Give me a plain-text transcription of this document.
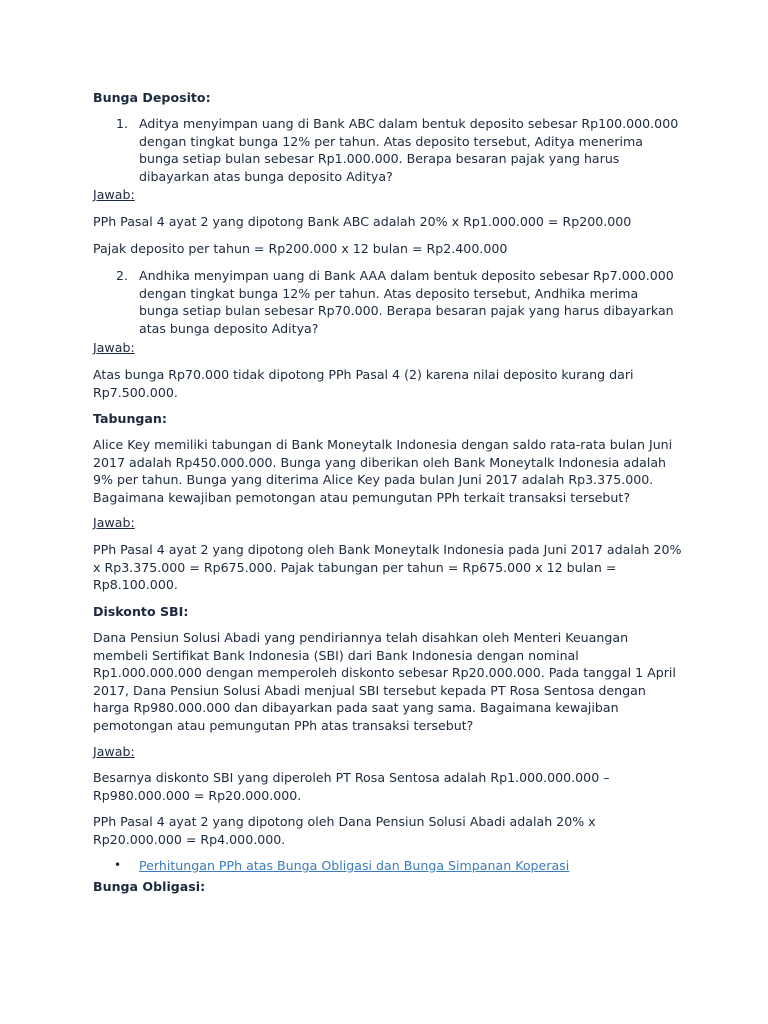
Bunga Deposito:

1. Aditya menyimpan uang di Bank ABC dalam bentuk deposito sebesar Rp100.000.000 dengan tingkat bunga 12% per tahun. Atas deposito tersebut, Aditya menerima bunga setiap bulan sebesar Rp1.000.000. Berapa besaran pajak yang harus dibayarkan atas bunga deposito Aditya?

Jawab:

PPh Pasal 4 ayat 2 yang dipotong Bank ABC adalah 20% x Rp1.000.000 = Rp200.000

Pajak deposito per tahun = Rp200.000 x 12 bulan = Rp2.400.000

2. Andhika menyimpan uang di Bank AAA dalam bentuk deposito sebesar Rp7.000.000 dengan tingkat bunga 12% per tahun. Atas deposito tersebut, Andhika merima bunga setiap bulan sebesar Rp70.000. Berapa besaran pajak yang harus dibayarkan atas bunga deposito Aditya?

Jawab:

Atas bunga Rp70.000 tidak dipotong PPh Pasal 4 (2) karena nilai deposito kurang dari Rp7.500.000.

Tabungan:

Alice Key memiliki tabungan di Bank Moneytalk Indonesia dengan saldo rata-rata bulan Juni 2017 adalah Rp450.000.000. Bunga yang diberikan oleh Bank Moneytalk Indonesia adalah 9% per tahun. Bunga yang diterima Alice Key pada bulan Juni 2017 adalah Rp3.375.000. Bagaimana kewajiban pemotongan atau pemungutan PPh terkait transaksi tersebut?

Jawab:

PPh Pasal 4 ayat 2 yang dipotong oleh Bank Moneytalk Indonesia pada Juni 2017 adalah 20% x Rp3.375.000 = Rp675.000. Pajak tabungan per tahun = Rp675.000 x 12 bulan = Rp8.100.000.

Diskonto SBI:

Dana Pensiun Solusi Abadi yang pendiriannya telah disahkan oleh Menteri Keuangan membeli Sertifikat Bank Indonesia (SBI) dari Bank Indonesia dengan nominal Rp1.000.000.000 dengan memperoleh diskonto sebesar Rp20.000.000. Pada tanggal 1 April 2017, Dana Pensiun Solusi Abadi menjual SBI tersebut kepada PT Rosa Sentosa dengan harga Rp980.000.000 dan dibayarkan pada saat yang sama. Bagaimana kewajiban pemotongan atau pemungutan PPh atas transaksi tersebut?

Jawab:

Besarnya diskonto SBI yang diperoleh PT Rosa Sentosa adalah Rp1.000.000.000 – Rp980.000.000 = Rp20.000.000.

PPh Pasal 4 ayat 2 yang dipotong oleh Dana Pensiun Solusi Abadi adalah 20% x Rp20.000.000 = Rp4.000.000.

• Perhitungan PPh atas Bunga Obligasi dan Bunga Simpanan Koperasi

Bunga Obligasi:
